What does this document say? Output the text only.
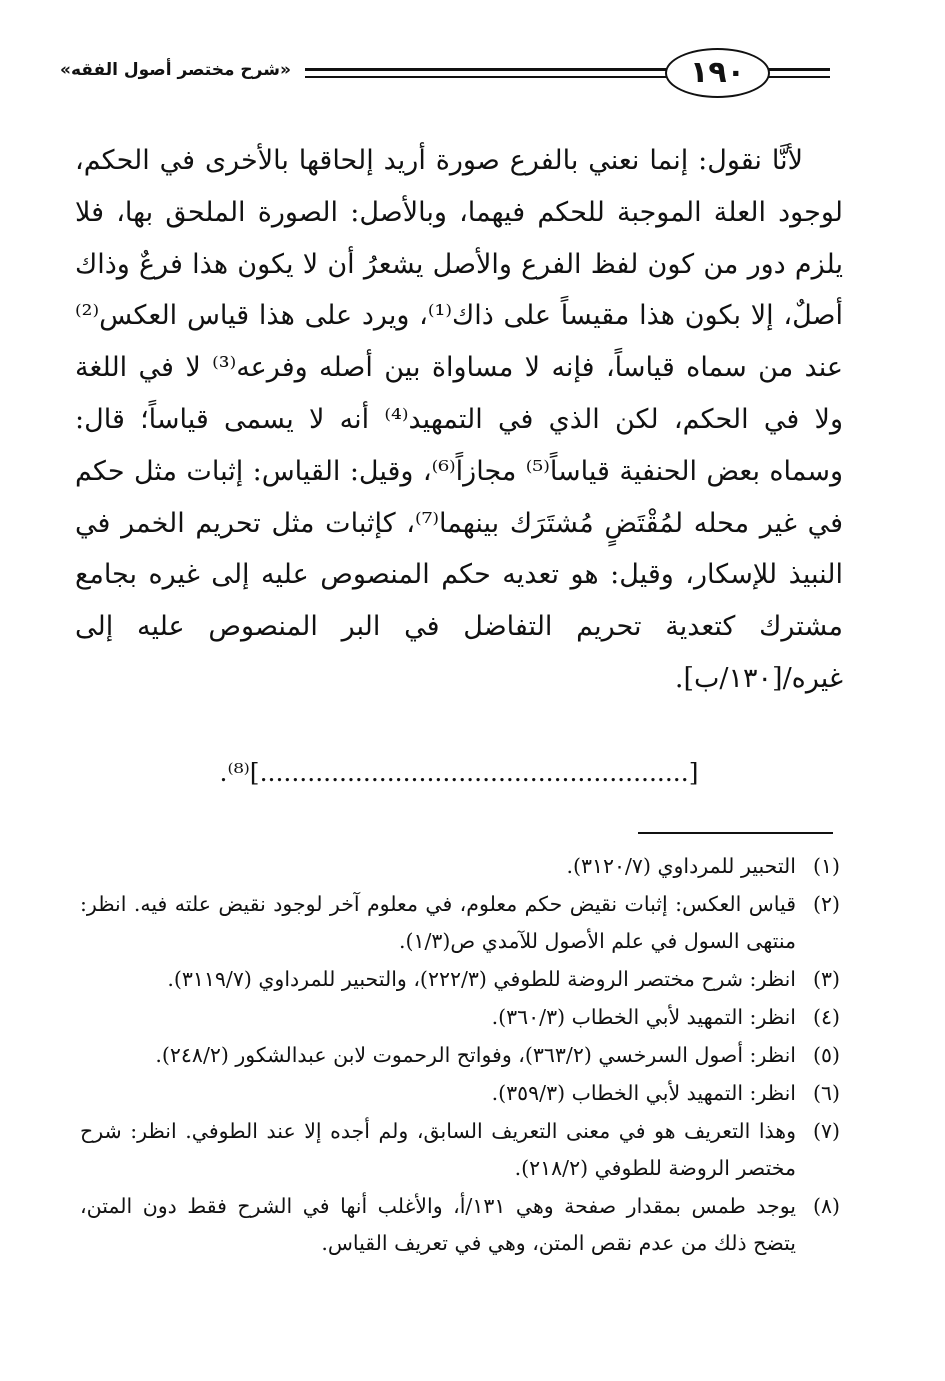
«شرح مختصر أصول الفقه»	١٩٠

لأنَّا نقول: إنما نعني بالفرع صورة أريد إلحاقها بالأخرى في الحكم، لوجود العلة الموجبة للحكم فيهما، وبالأصل: الصورة الملحق بها، فلا يلزم دور من كون لفظ الفرع والأصل يشعرُ أن لا يكون هذا فرعٌ وذاك أصلٌ، إلا بكون هذا مقيساً على ذاك⁽¹⁾، ويرد على هذا قياس العكس⁽²⁾ عند من سماه قياساً، فإنه لا مساواة بين أصله وفرعه⁽³⁾ لا في اللغة ولا في الحكم، لكن الذي في التمهيد⁽⁴⁾ أنه لا يسمى قياساً؛ قال: وسماه بعض الحنفية قياساً⁽⁵⁾ مجازاً⁽⁶⁾، وقيل: القياس: إثبات مثل حكم في غير محله لمُقْتَضٍ مُشتَرَك بينهما⁽⁷⁾، كإثبات مثل تحريم الخمر في النبيذ للإسكار، وقيل: هو تعديه حكم المنصوص عليه إلى غيره بجامع مشترك كتعدية تحريم التفاضل في البر المنصوص عليه إلى غيره/[١٣٠/ب].

[......................................................]⁽⁸⁾.
(١)
التحبير للمرداوي (٣١٢٠/٧).
(٢)
قياس العكس: إثبات نقيض حكم معلوم، في معلوم آخر لوجود نقيض علته فيه. انظر: منتهى السول في علم الأصول للآمدي ص(١/٣).
(٣)
انظر: شرح مختصر الروضة للطوفي (٢٢٢/٣)، والتحبير للمرداوي (٣١١٩/٧).
(٤)
انظر: التمهيد لأبي الخطاب (٣٦٠/٣).
(٥)
انظر: أصول السرخسي (٣٦٣/٢)، وفواتح الرحموت لابن عبدالشكور (٢٤٨/٢).
(٦)
انظر: التمهيد لأبي الخطاب (٣٥٩/٣).
(٧)
وهذا التعريف هو في معنى التعريف السابق، ولم أجده إلا عند الطوفي. انظر: شرح مختصر الروضة للطوفي (٢١٨/٢).
(٨)
يوجد طمس بمقدار صفحة وهي ١٣١/أ، والأغلب أنها في الشرح فقط دون المتن، يتضح ذلك من عدم نقص المتن، وهي في تعريف القياس.
